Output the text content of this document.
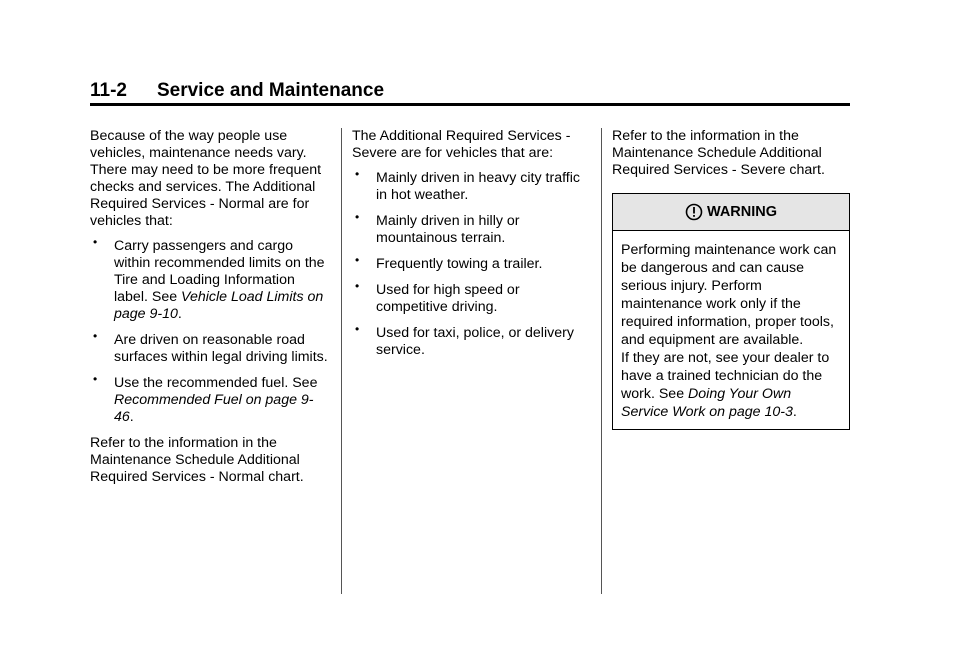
11-2 Service and Maintenance

Because of the way people use vehicles, maintenance needs vary. There may need to be more frequent checks and services. The Additional Required Services - Normal are for vehicles that:

• Carry passengers and cargo within recommended limits on the Tire and Loading Information label. See Vehicle Load Limits on page 9-10.
• Are driven on reasonable road surfaces within legal driving limits.
• Use the recommended fuel. See Recommended Fuel on page 9-46.

Refer to the information in the Maintenance Schedule Additional Required Services - Normal chart.

The Additional Required Services - Severe are for vehicles that are:

• Mainly driven in heavy city traffic in hot weather.
• Mainly driven in hilly or mountainous terrain.
• Frequently towing a trailer.
• Used for high speed or competitive driving.
• Used for taxi, police, or delivery service.

Refer to the information in the Maintenance Schedule Additional Required Services - Severe chart.

WARNING

Performing maintenance work can be dangerous and can cause serious injury. Perform maintenance work only if the required information, proper tools, and equipment are available.

If they are not, see your dealer to have a trained technician do the work. See Doing Your Own Service Work on page 10-3.
